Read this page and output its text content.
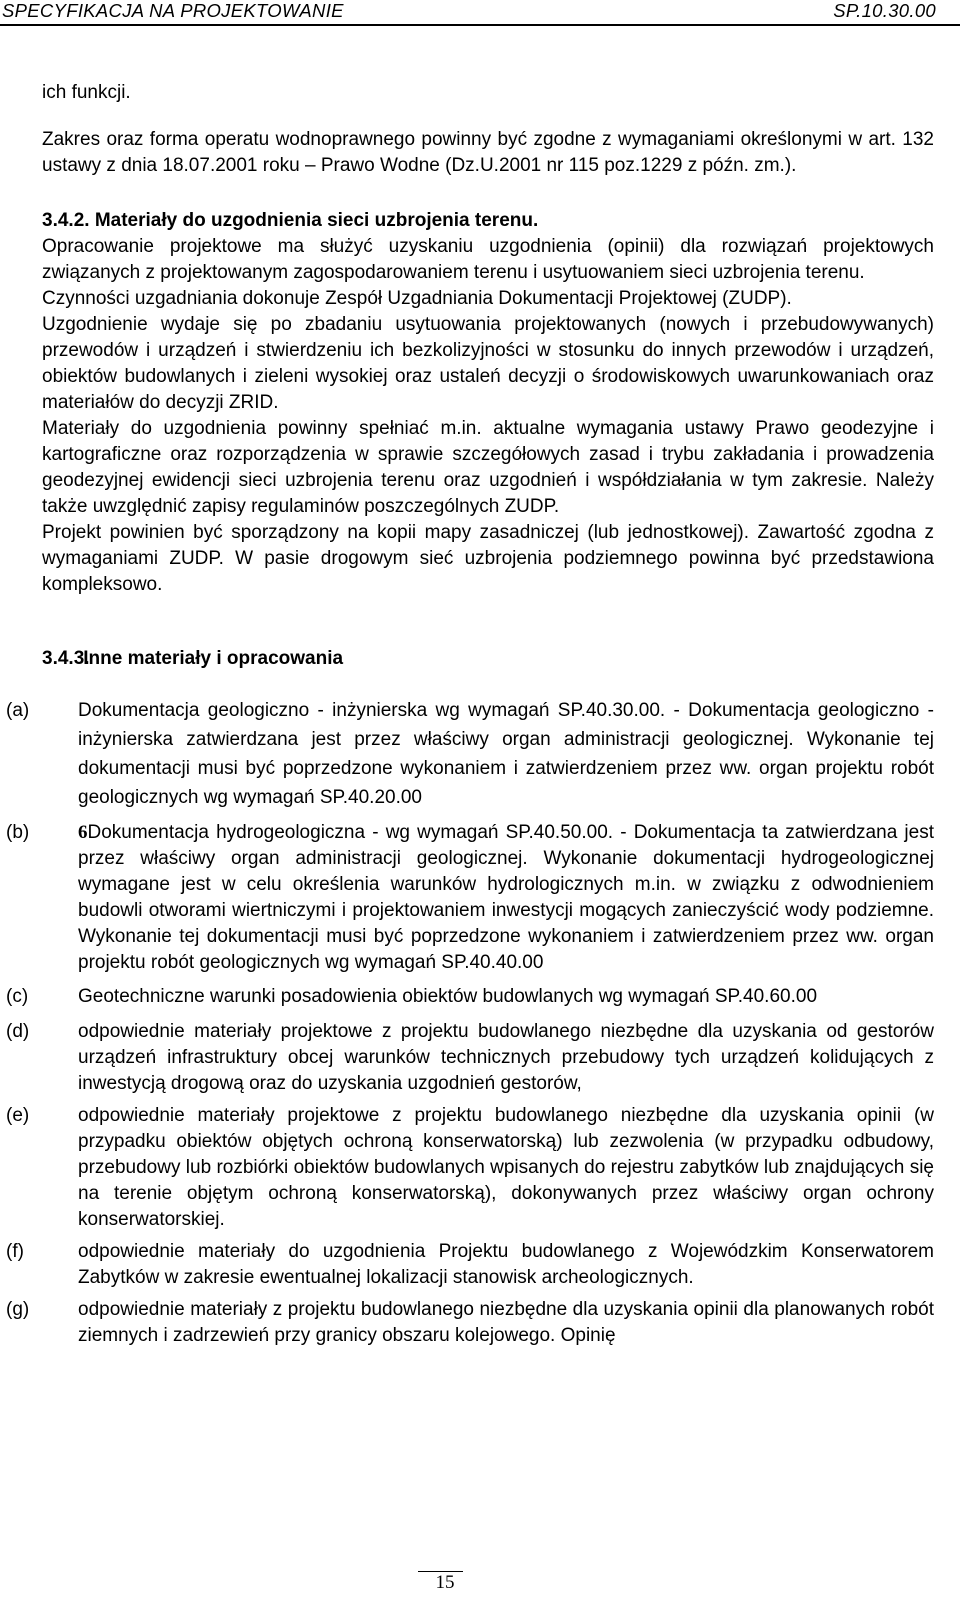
SPECYFIKACJA NA PROJEKTOWANIE	SP.10.30.00

ich funkcji.

Zakres oraz forma operatu wodnoprawnego powinny być zgodne z wymaganiami określonymi w art. 132 ustawy z dnia 18.07.2001 roku – Prawo Wodne (Dz.U.2001 nr 115 poz.1229 z późn. zm.).

3.4.2. Materiały do uzgodnienia sieci uzbrojenia terenu.

Opracowanie projektowe ma służyć uzyskaniu uzgodnienia (opinii) dla rozwiązań projektowych związanych z projektowanym zagospodarowaniem terenu i usytuowaniem sieci uzbrojenia terenu.

Czynności uzgadniania dokonuje Zespół Uzgadniania Dokumentacji Projektowej (ZUDP).

Uzgodnienie wydaje się po zbadaniu usytuowania projektowanych (nowych i przebudowywanych) przewodów i urządzeń i stwierdzeniu ich bezkolizyjności w stosunku do innych przewodów i urządzeń, obiektów budowlanych i zieleni wysokiej oraz ustaleń decyzji o środowiskowych uwarunkowaniach oraz materiałów do decyzji ZRID.

Materiały do uzgodnienia powinny spełniać m.in. aktualne wymagania ustawy Prawo geodezyjne i kartograficzne oraz rozporządzenia w sprawie szczegółowych zasad i trybu zakładania i prowadzenia geodezyjnej ewidencji sieci uzbrojenia terenu oraz uzgodnień i współdziałania w tym zakresie. Należy także uwzględnić zapisy regulaminów poszczególnych ZUDP.

Projekt powinien być sporządzony na kopii mapy zasadniczej (lub jednostkowej). Zawartość zgodna z wymaganiami ZUDP. W pasie drogowym sieć uzbrojenia podziemnego powinna być przedstawiona kompleksowo.

3.4.3. Inne materiały i opracowania

(a)	Dokumentacja geologiczno - inżynierska wg wymagań SP.40.30.00. - Dokumentacja geologiczno - inżynierska zatwierdzana jest przez właściwy organ administracji geologicznej. Wykonanie tej dokumentacji musi być poprzedzone wykonaniem i zatwierdzeniem przez ww. organ projektu robót geologicznych wg wymagań SP.40.20.00
(b)	6Dokumentacja hydrogeologiczna - wg wymagań SP.40.50.00. - Dokumentacja ta zatwierdzana jest przez właściwy organ administracji geologicznej. Wykonanie dokumentacji hydrogeologicznej wymagane jest w celu określenia warunków hydrologicznych m.in. w związku z odwodnieniem budowli otworami wiertniczymi i projektowaniem inwestycji mogących zanieczyścić wody podziemne. Wykonanie tej dokumentacji musi być poprzedzone wykonaniem i zatwierdzeniem przez ww. organ projektu robót geologicznych wg wymagań SP.40.40.00
(c)	Geotechniczne warunki posadowienia obiektów budowlanych wg wymagań SP.40.60.00
(d)	odpowiednie materiały projektowe z projektu budowlanego niezbędne dla uzyskania od gestorów urządzeń infrastruktury obcej warunków technicznych przebudowy tych urządzeń kolidujących z inwestycją drogową oraz do uzyskania uzgodnień gestorów,
(e)	odpowiednie materiały projektowe z projektu budowlanego niezbędne dla uzyskania opinii (w przypadku obiektów objętych ochroną konserwatorską) lub zezwolenia (w przypadku odbudowy, przebudowy lub rozbiórki obiektów budowlanych wpisanych do rejestru zabytków lub znajdujących się na terenie objętym ochroną konserwatorską), dokonywanych przez właściwy organ ochrony konserwatorskiej.
(f)	odpowiednie materiały do uzgodnienia Projektu budowlanego z Wojewódzkim Konserwatorem Zabytków w zakresie ewentualnej lokalizacji stanowisk archeologicznych.
(g)	odpowiednie materiały z projektu budowlanego niezbędne dla uzyskania opinii dla planowanych robót ziemnych i zadrzewień przy granicy obszaru kolejowego. Opinię
15
